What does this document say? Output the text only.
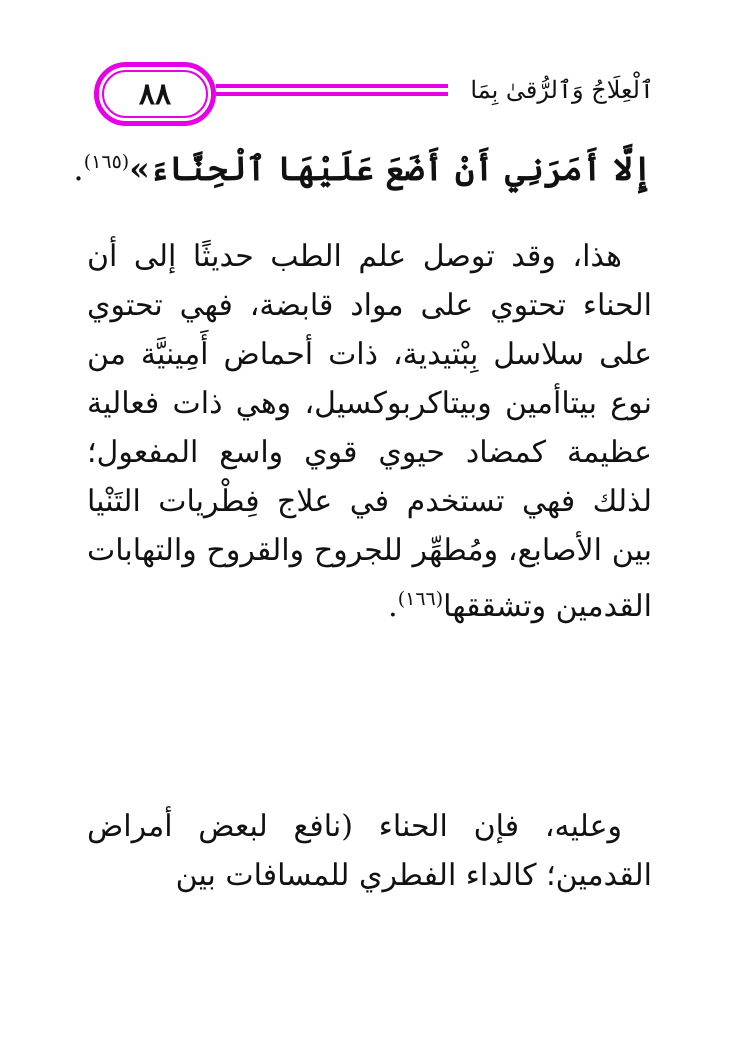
٨٨	ٱلْعِلَاجُ وَٱلرُّقىٰ بِمَا
إِلَّا أَمَرَنِي أَنْ أَضَعَ عَلَيْهَا ٱلْحِنَّاءَ»$^{(١٦٥)}$.

هذا، وقد توصل علم الطب حديثًا إلى أن الحناء تحتوي على مواد قابضة، فهي تحتوي على سلاسل بِبْتيدية، ذات أحماض أَمِينيَّة من نوع بيتاأمين وبيتاكربوكسيل، وهي ذات فعالية عظيمة كمضاد حيوي قوي واسع المفعول؛ لذلك فهي تستخدم في علاج فِطْريات التَنْيا بين الأصابع، ومُطهِّر للجروح والقروح والتهابات القدمين وتشققها$^{(١٦٦)}$.

وعليه، فإن الحناء (نافع لبعض أمراض القدمين؛ كالداء الفطري للمسافات بين
